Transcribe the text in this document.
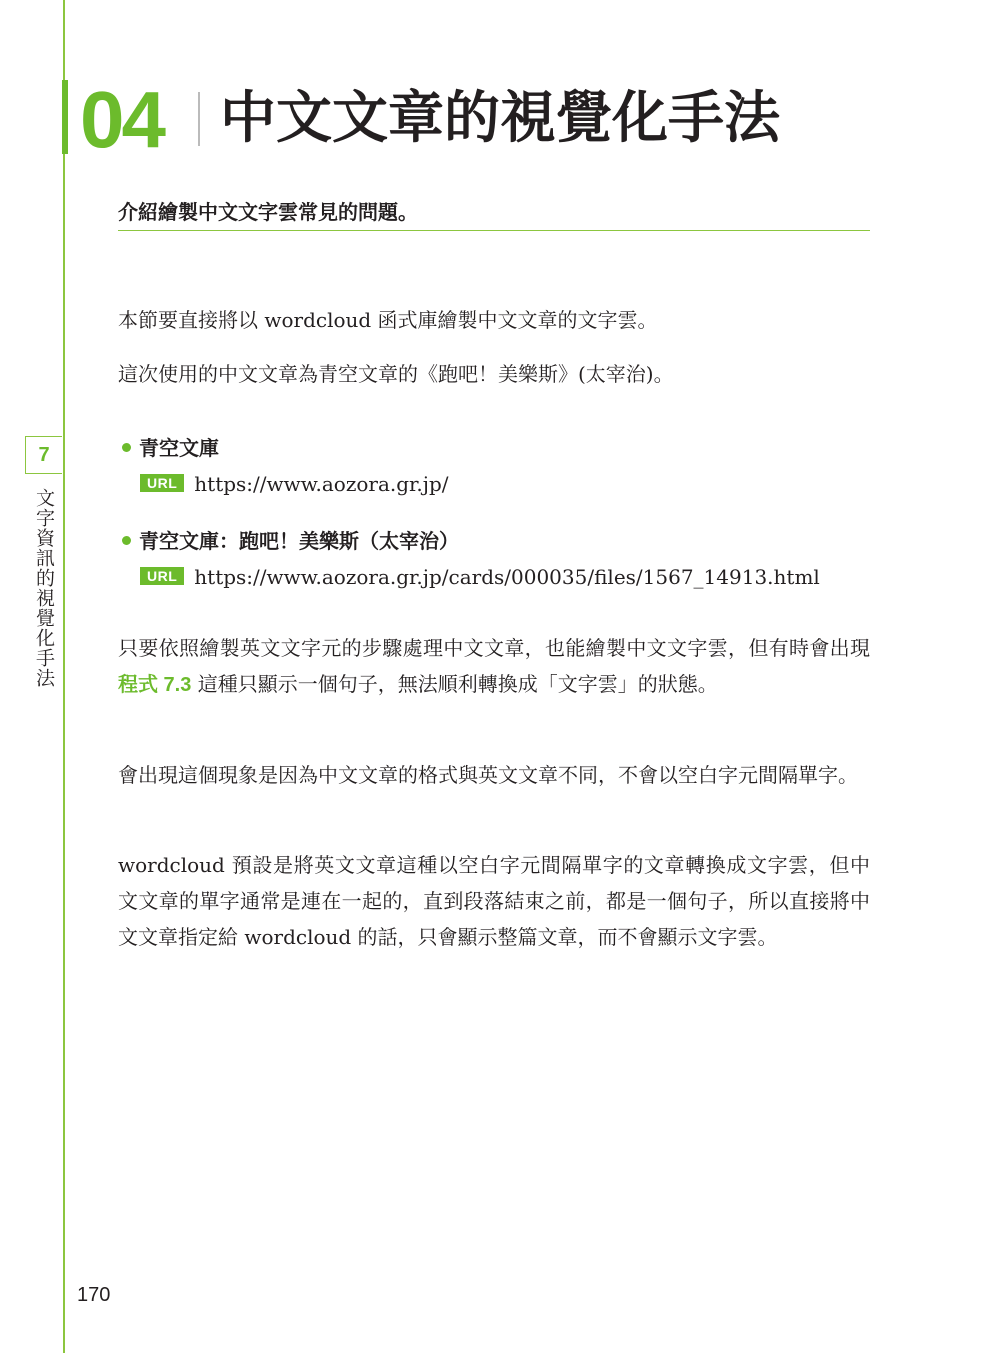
04 中文文章的視覺化手法
介紹繪製中文文字雲常見的問題。
本節要直接將以 wordcloud 函式庫繪製中文文章的文字雲。
這次使用的中文文章為青空文章的《跑吧！美樂斯》(太宰治)。
青空文庫
URL https://www.aozora.gr.jp/
青空文庫：跑吧！美樂斯（太宰治）
URL https://www.aozora.gr.jp/cards/000035/files/1567_14913.html
只要依照繪製英文文字元的步驟處理中文文章，也能繪製中文文字雲，但有時會出現程式 7.3 這種只顯示一個句子，無法順利轉換成「文字雲」的狀態。
會出現這個現象是因為中文文章的格式與英文文章不同，不會以空白字元間隔單字。
wordcloud 預設是將英文文章這種以空白字元間隔單字的文章轉換成文字雲，但中文文章的單字通常是連在一起的，直到段落結束之前，都是一個句子，所以直接將中文文章指定給 wordcloud 的話，只會顯示整篇文章，而不會顯示文字雲。
7
文字資訊的視覺化手法
170
